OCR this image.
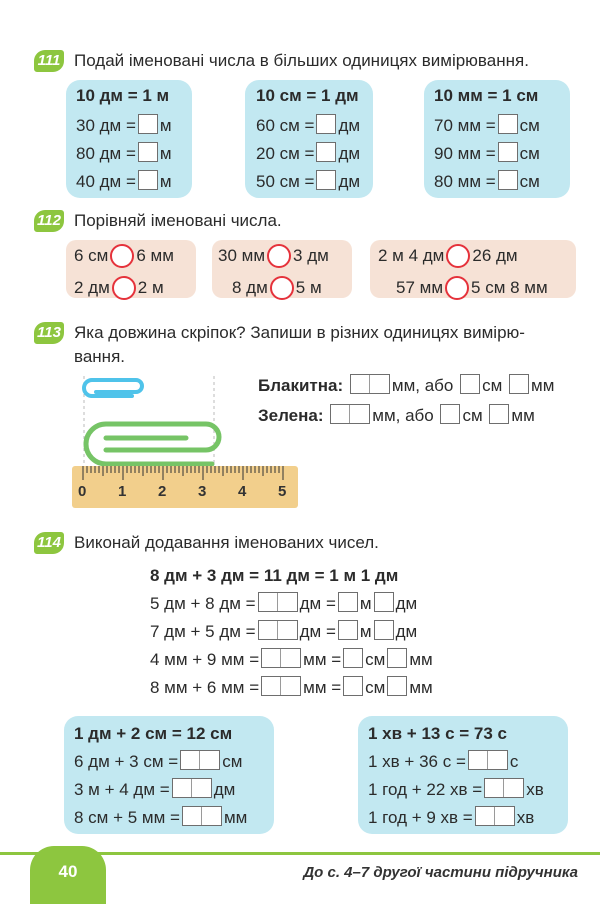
111 Подай іменовані числа в більших одиницях вимірювання.
10 дм = 1 м
30 дм = м
80 дм = м
40 дм = м
10 см = 1 дм
60 см = дм
20 см = дм
50 см = дм
10 мм = 1 см
70 мм = см
90 мм = см
80 мм = см
112 Порівняй іменовані числа.
6 см 6 мм	30 мм 3 дм	2 м 4 дм 26 дм
2 дм 2 м	8 дм 5 м	57 мм 5 см 8 мм
113 Яка довжина скріпок? Запиши в різних одиницях вимірю-
вання.
0 1 2 3 4 5
Блакитна:	мм, або см мм
Зелена:	мм, або см мм
114 Виконай додавання іменованих чисел.
8 дм + 3 дм = 11 дм = 1 м 1 дм
5 дм + 8 дм =	дм = м дм
7 дм + 5 дм =	дм = м дм
4 мм + 9 мм =	мм = см мм
8 мм + 6 мм =	мм = см мм
1 дм + 2 см = 12 см
6 дм + 3 см =	см
3 м + 4 дм =	дм
8 см + 5 мм =	мм
1 хв + 13 с = 73 с
1 хв + 36 с =	с
1 год + 22 хв =	хв
1 год + 9 хв =	хв
40	До с. 4–7 другої частини підручника
